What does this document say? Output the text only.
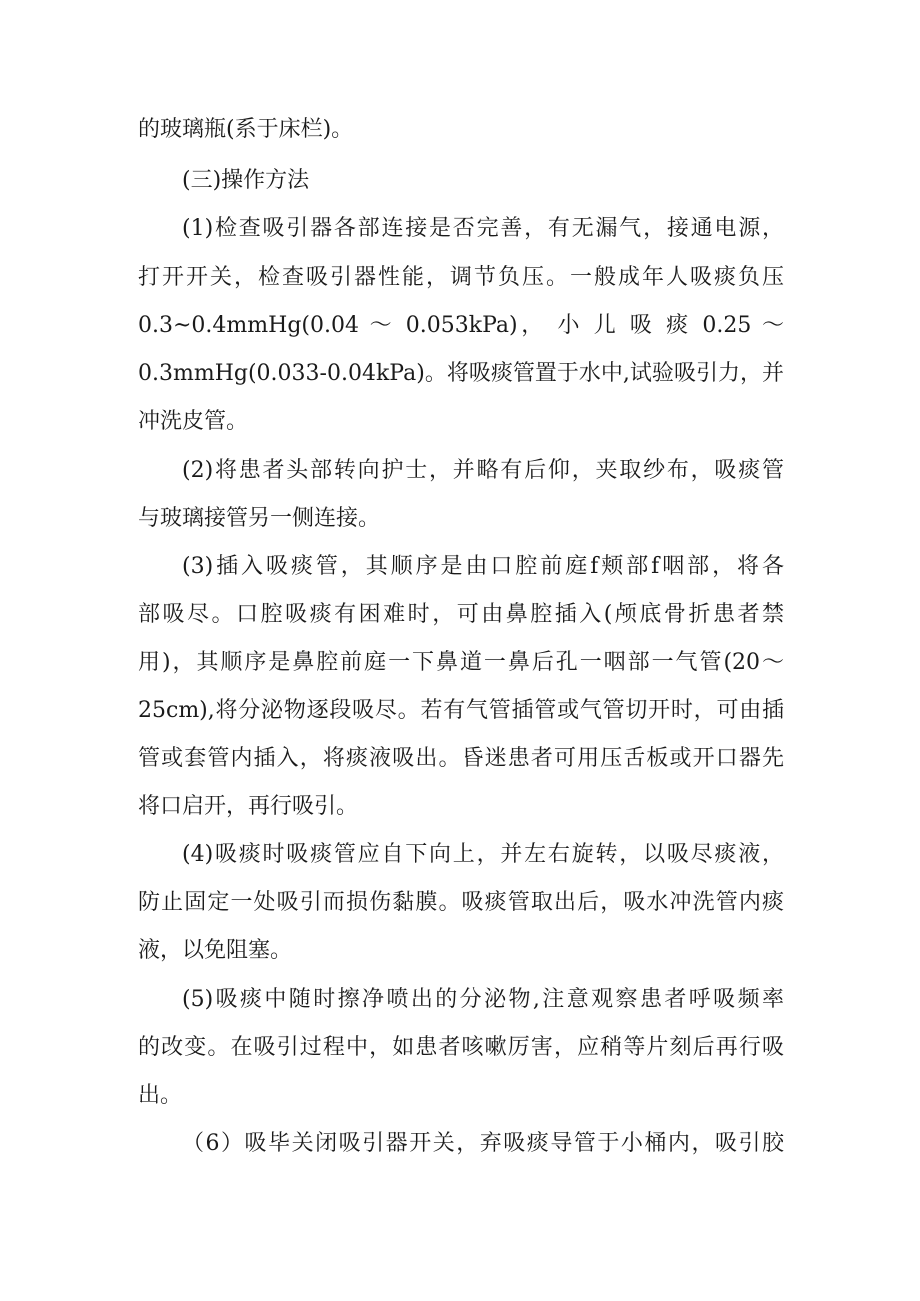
的玻璃瓶(系于床栏)。
(三)操作方法
(1)检查吸引器各部连接是否完善，有无漏气，接通电源，
打开开关，检查吸引器性能，调节负压。一般成年人吸痰负压
0.3~0.4mmHg(0.04 ～ 0.053kPa)， 小 儿 吸 痰 0.25 ～
0.3mmHg(0.033-0.04kPa)。将吸痰管置于水中,试验吸引力，并
冲洗皮管。
(2)将患者头部转向护士，并略有后仰，夹取纱布，吸痰管
与玻璃接管另一侧连接。
(3)插入吸痰管，其顺序是由口腔前庭f颊部f咽部，将各
部吸尽。口腔吸痰有困难时，可由鼻腔插入(颅底骨折患者禁
用)，其顺序是鼻腔前庭一下鼻道一鼻后孔一咽部一气管(20～
25cm),将分泌物逐段吸尽。若有气管插管或气管切开时，可由插
管或套管内插入，将痰液吸出。昏迷患者可用压舌板或开口器先
将口启开，再行吸引。
(4)吸痰时吸痰管应自下向上，并左右旋转，以吸尽痰液，
防止固定一处吸引而损伤黏膜。吸痰管取出后，吸水冲洗管内痰
液，以免阻塞。
(5)吸痰中随时擦净喷出的分泌物,注意观察患者呼吸频率
的改变。在吸引过程中，如患者咳嗽厉害，应稍等片刻后再行吸
出。
（6）吸毕关闭吸引器开关，弃吸痰导管于小桶内，吸引胶
